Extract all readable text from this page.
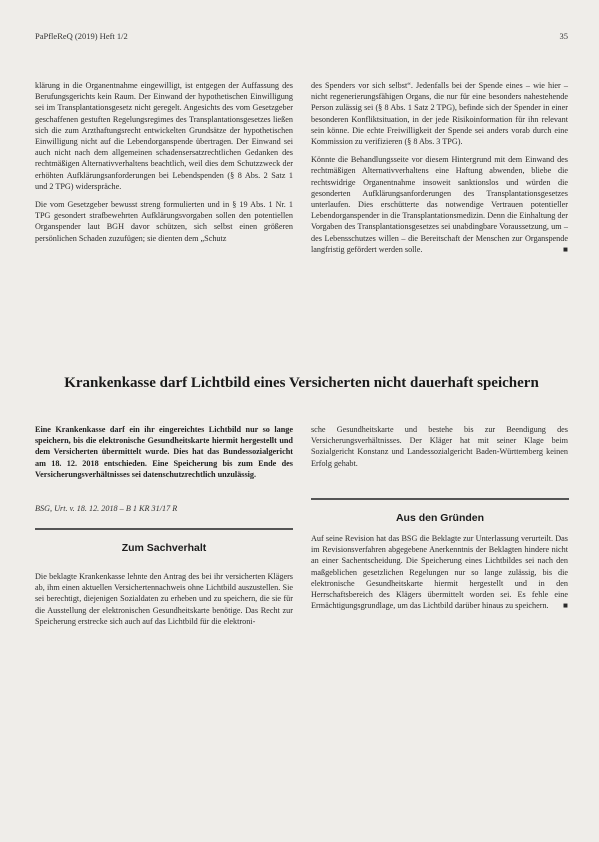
PaPfleReQ (2019) Heft 1/2	35

klärung in die Organentnahme eingewilligt, ist entgegen der Auffassung des Berufungsgerichts kein Raum. Der Einwand der hypothetischen Einwilligung sei im Transplantationsgesetz nicht geregelt. Angesichts des vom Gesetzgeber geschaffenen gestuften Regelungsregimes des Transplantationsgesetzes ließen sich die zum Arzthaftungsrecht entwickelten Grundsätze der hypothetischen Einwilligung nicht auf die Lebendorganspende übertragen. Der Einwand sei auch nicht nach dem allgemeinen schadensersatzrechtlichen Gedanken des rechtmäßigen Alternativverhaltens beachtlich, weil dies dem Schutzzweck der erhöhten Aufklärungsanforderungen bei Lebendspenden (§ 8 Abs. 2 Satz 1 und 2 TPG) widerspräche.

Die vom Gesetzgeber bewusst streng formulierten und in § 19 Abs. 1 Nr. 1 TPG gesondert strafbewehrten Aufklärungsvorgaben sollen den potentiellen Organspender laut BGH davor schützen, sich selbst einen größeren persönlichen Schaden zuzufügen; sie dienten dem „Schutz

des Spenders vor sich selbst“. Jedenfalls bei der Spende eines – wie hier – nicht regenerierungsfähigen Organs, die nur für eine besonders nahestehende Person zulässig sei (§ 8 Abs. 1 Satz 2 TPG), befinde sich der Spender in einer besonderen Konfliktsituation, in der jede Risikoinformation für ihn relevant sein könne. Die echte Freiwilligkeit der Spende sei anders vorab durch eine Kommission zu verifizieren (§ 8 Abs. 3 TPG).

Könnte die Behandlungsseite vor diesem Hintergrund mit dem Einwand des rechtmäßigen Alternativverhaltens eine Haftung abwenden, bliebe die rechtswidrige Organentnahme insoweit sanktionslos und würden die gesonderten Aufklärungsanforderungen des Transplantationsgesetzes unterlaufen. Dies erschütterte das notwendige Vertrauen potentieller Lebendorganspender in die Transplantationsmedizin. Denn die Einhaltung der Vorgaben des Transplantationsgesetzes sei unabdingbare Voraussetzung, um – des Lebensschutzes willen – die Bereitschaft der Menschen zur Organspende langfristig gefördert werden solle.	■

Krankenkasse darf Lichtbild eines Versicherten nicht dauerhaft speichern
Eine Krankenkasse darf ein ihr eingereichtes Lichtbild nur so lange speichern, bis die elektronische Gesundheitskarte hiermit hergestellt und dem Versicherten übermittelt wurde. Dies hat das Bundessozialgericht am 18. 12. 2018 entschieden. Eine Speicherung bis zum Ende des Versicherungsverhältnisses sei datenschutzrechtlich unzulässig.
BSG, Urt. v. 18. 12. 2018 – B 1 KR 31/17 R
Zum Sachverhalt

Die beklagte Krankenkasse lehnte den Antrag des bei ihr versicherten Klägers ab, ihm einen aktuellen Versichertennachweis ohne Lichtbild auszustellen. Sie sei berechtigt, diejenigen Sozialdaten zu erheben und zu speichern, die sie für die Ausstellung der elektronischen Gesundheitskarte benötige. Das Recht zur Speicherung erstrecke sich auch auf das Lichtbild für die elektroni-

sche Gesundheitskarte und bestehe bis zur Beendigung des Versicherungsverhältnisses. Der Kläger hat mit seiner Klage beim Sozialgericht Konstanz und Landessozialgericht Baden-Württemberg keinen Erfolg gehabt.

Aus den Gründen

Auf seine Revision hat das BSG die Beklagte zur Unterlassung verurteilt. Das im Revisionsverfahren abgegebene Anerkenntnis der Beklagten hindere nicht an einer Sachentscheidung. Die Speicherung eines Lichtbildes sei nach den maßgeblichen gesetzlichen Regelungen nur so lange zulässig, bis die elektronische Gesundheitskarte hiermit hergestellt und in den Herrschaftsbereich des Klägers übermittelt worden sei. Es fehle eine Ermächtigungsgrundlage, um das Lichtbild darüber hinaus zu speichern. ■
